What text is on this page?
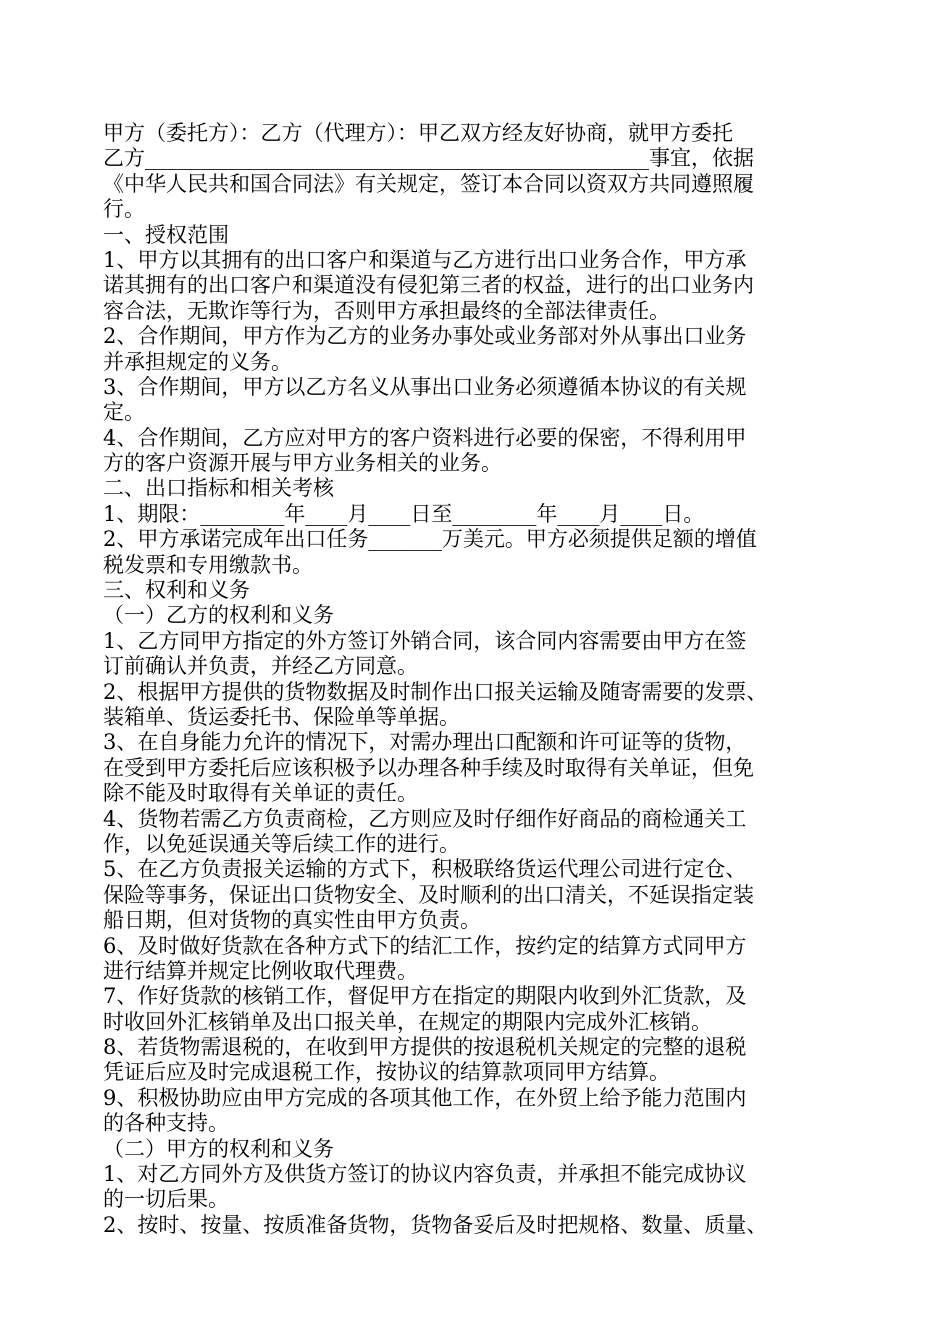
甲方（委托方）：乙方（代理方）：甲乙双方经友好协商，就甲方委托
乙方________________________________________________事宜，依据
《中华人民共和国合同法》有关规定，签订本合同以资双方共同遵照履
行。
一、授权范围
1、甲方以其拥有的出口客户和渠道与乙方进行出口业务合作，甲方承
诺其拥有的出口客户和渠道没有侵犯第三者的权益，进行的出口业务内
容合法，无欺诈等行为，否则甲方承担最终的全部法律责任。
2、合作期间，甲方作为乙方的业务办事处或业务部对外从事出口业务
并承担规定的义务。
3、合作期间，甲方以乙方名义从事出口业务必须遵循本协议的有关规
定。
4、合作期间，乙方应对甲方的客户资料进行必要的保密，不得利用甲
方的客户资源开展与甲方业务相关的业务。
二、出口指标和相关考核
1、期限：________年____月____日至________年____月____日。
2、甲方承诺完成年出口任务_______万美元。甲方必须提供足额的增值
税发票和专用缴款书。
三、权利和义务
（一）乙方的权利和义务
1、乙方同甲方指定的外方签订外销合同，该合同内容需要由甲方在签
订前确认并负责，并经乙方同意。
2、根据甲方提供的货物数据及时制作出口报关运输及随寄需要的发票、
装箱单、货运委托书、保险单等单据。
3、在自身能力允许的情况下，对需办理出口配额和许可证等的货物，
在受到甲方委托后应该积极予以办理各种手续及时取得有关单证，但免
除不能及时取得有关单证的责任。
4、货物若需乙方负责商检，乙方则应及时仔细作好商品的商检通关工
作，以免延误通关等后续工作的进行。
5、在乙方负责报关运输的方式下，积极联络货运代理公司进行定仓、
保险等事务，保证出口货物安全、及时顺利的出口清关，不延误指定装
船日期，但对货物的真实性由甲方负责。
6、及时做好货款在各种方式下的结汇工作，按约定的结算方式同甲方
进行结算并规定比例收取代理费。
7、作好货款的核销工作，督促甲方在指定的期限内收到外汇货款，及
时收回外汇核销单及出口报关单，在规定的期限内完成外汇核销。
8、若货物需退税的，在收到甲方提供的按退税机关规定的完整的退税
凭证后应及时完成退税工作，按协议的结算款项同甲方结算。
9、积极协助应由甲方完成的各项其他工作，在外贸上给予能力范围内
的各种支持。
（二）甲方的权利和义务
1、对乙方同外方及供货方签订的协议内容负责，并承担不能完成协议
的一切后果。
2、按时、按量、按质准备货物，货物备妥后及时把规格、数量、质量、
